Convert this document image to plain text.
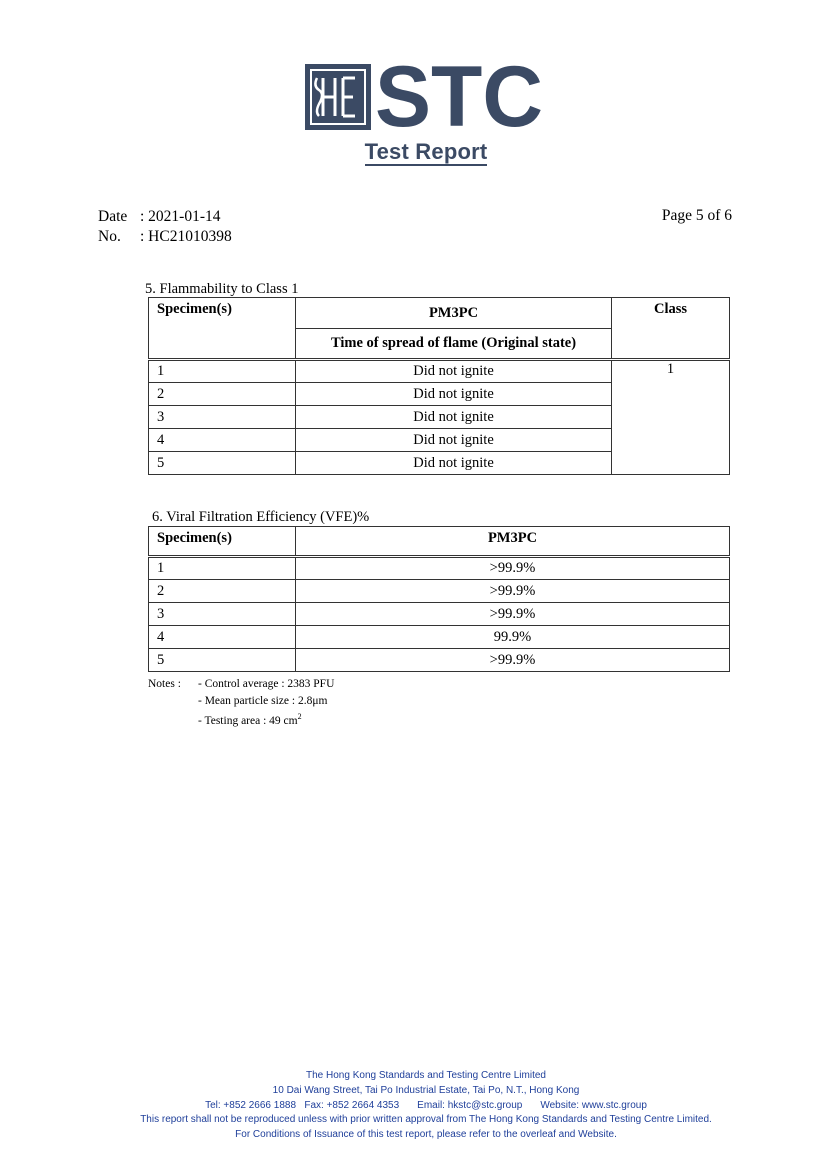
STC
Test Report
Date : 2021-01-14
No. : HC21010398
Page 5 of 6
5. Flammability to Class 1
Specimen(s)	PM3PC	Class
	Time of spread of flame (Original state)	
1	Did not ignite	1
2	Did not ignite	
3	Did not ignite	
4	Did not ignite	
5	Did not ignite	
6. Viral Filtration Efficiency (VFE)%
Specimen(s)	PM3PC
1	>99.9%
2	>99.9%
3	>99.9%
4	99.9%
5	>99.9%
Notes : - Control average : 2383 PFU
- Mean particle size : 2.8μm
- Testing area : 49 $cm^2$
The Hong Kong Standards and Testing Centre Limited
10 Dai Wang Street, Tai Po Industrial Estate, Tai Po, N.T., Hong Kong
Tel: +852 2666 1888 Fax: +852 2664 4353 Email: hkstc@stc.group Website: www.stc.group
This report shall not be reproduced unless with prior written approval from The Hong Kong Standards and Testing Centre Limited.
For Conditions of Issuance of this test report, please refer to the overleaf and Website.
